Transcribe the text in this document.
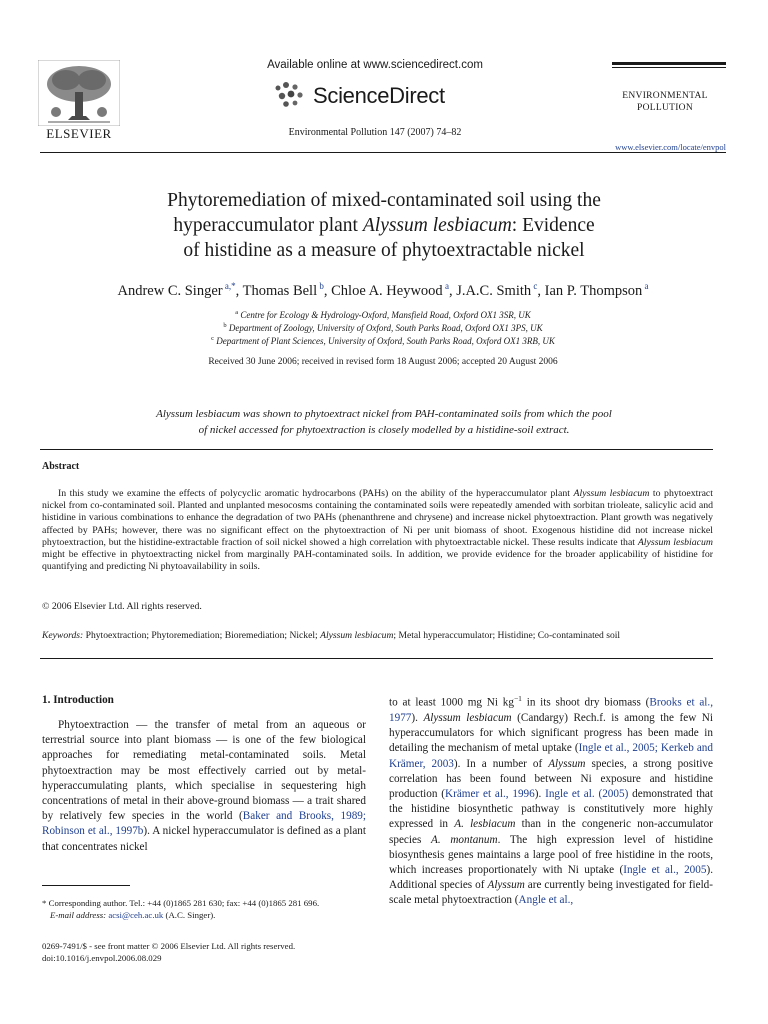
ELSEVIER
Available online at www.sciencedirect.com
ScienceDirect
Environmental Pollution 147 (2007) 74–82
ENVIRONMENTAL
POLLUTION
www.elsevier.com/locate/envpol
Phytoremediation of mixed-contaminated soil using the
hyperaccumulator plant Alyssum lesbiacum: Evidence
of histidine as a measure of phytoextractable nickel
Andrew C. Singer $^{a,*}$, Thomas Bell $^b$, Chloe A. Heywood $^a$, J.A.C. Smith $^c$, Ian P. Thompson $^a$
$^a$ Centre for Ecology & Hydrology-Oxford, Mansfield Road, Oxford OX1 3SR, UK
$^b$ Department of Zoology, University of Oxford, South Parks Road, Oxford OX1 3PS, UK
$^c$ Department of Plant Sciences, University of Oxford, South Parks Road, Oxford OX1 3RB, UK
Received 30 June 2006; received in revised form 18 August 2006; accepted 20 August 2006
Alyssum lesbiacum was shown to phytoextract nickel from PAH-contaminated soils from which the pool
of nickel accessed for phytoextraction is closely modelled by a histidine-soil extract.
Abstract

In this study we examine the effects of polycyclic aromatic hydrocarbons (PAHs) on the ability of the hyperaccumulator plant Alyssum lesbiacum to phytoextract nickel from co-contaminated soil. Planted and unplanted mesocosms containing the contaminated soils were repeatedly amended with sorbitan trioleate, salicylic acid and histidine in various combinations to enhance the degradation of two PAHs (phenanthrene and chrysene) and increase nickel phytoextraction. Plant growth was negatively affected by PAHs; however, there was no significant effect on the phytoextraction of Ni per unit biomass of shoot. Exogenous histidine did not increase nickel phytoextraction, but the histidine-extractable fraction of soil nickel showed a high correlation with phytoextractable nickel. These results indicate that Alyssum lesbiacum might be effective in phytoextracting nickel from marginally PAH-contaminated soils. In addition, we provide evidence for the broader applicability of histidine for quantifying and predicting Ni phytoavailability in soils.

© 2006 Elsevier Ltd. All rights reserved.
Keywords: Phytoextraction; Phytoremediation; Bioremediation; Nickel; Alyssum lesbiacum; Metal hyperaccumulator; Histidine; Co-contaminated soil
1. Introduction

Phytoextraction — the transfer of metal from an aqueous or terrestrial source into plant biomass — is one of the few biological approaches for remediating metal-contaminated soils. Metal phytoextraction may be most effectively carried out by metal-hyperaccumulating plants, which specialise in sequestering high concentrations of metal in their above-ground biomass — a trait shared by relatively few species in the world (Baker and Brooks, 1989; Robinson et al., 1997b). A nickel hyperaccumulator is defined as a plant that concentrates nickel

to at least 1000 mg Ni $kg^{-1}$ in its shoot dry biomass (Brooks et al., 1977). Alyssum lesbiacum (Candargy) Rech.f. is among the few Ni hyperaccumulators for which significant progress has been made in detailing the mechanism of metal uptake (Ingle et al., 2005; Kerkeb and Krämer, 2003). In a number of Alyssum species, a strong positive correlation has been found between Ni exposure and histidine production (Krämer et al., 1996). Ingle et al. (2005) demonstrated that the histidine biosynthetic pathway is constitutively more highly expressed in A. lesbiacum than in the congeneric non-accumulator species A. montanum. The high expression level of histidine biosynthesis genes maintains a large pool of free histidine in the roots, which increases proportionately with Ni uptake (Ingle et al., 2005). Additional species of Alyssum are currently being investigated for field-scale metal phytoextraction (Angle et al.,

* Corresponding author. Tel.: +44 (0)1865 281 630; fax: +44 (0)1865 281 696.
E-mail address: acsi@ceh.ac.uk (A.C. Singer).
0269-7491/$ - see front matter © 2006 Elsevier Ltd. All rights reserved.
doi:10.1016/j.envpol.2006.08.029
